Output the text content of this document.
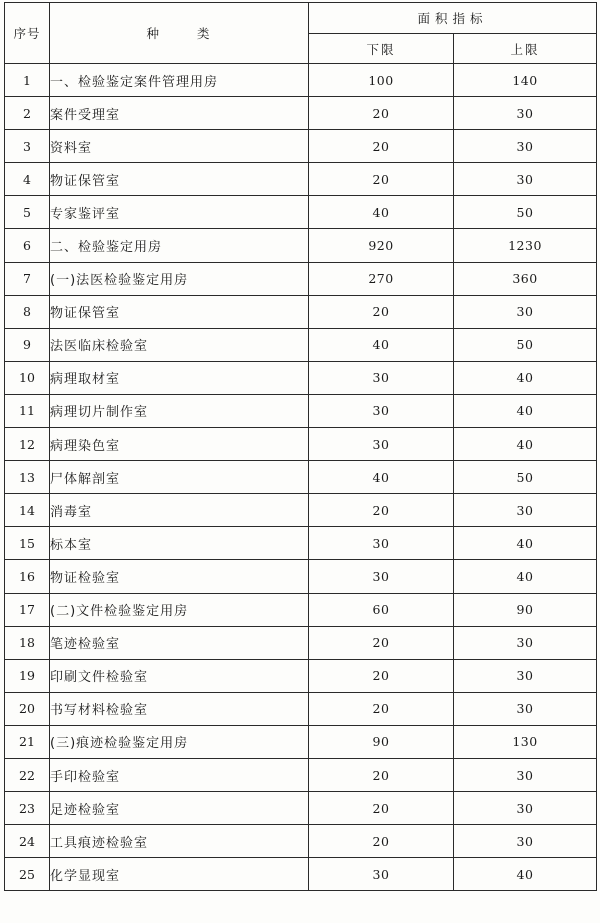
序号	种 类	面积指标	
		下限	上限
1	一、检验鉴定案件管理用房	100	140
2	案件受理室	20	30
3	资料室	20	30
4	物证保管室	20	30
5	专家鉴评室	40	50
6	二、检验鉴定用房	920	1230
7	(一)法医检验鉴定用房	270	360
8	物证保管室	20	30
9	法医临床检验室	40	50
10	病理取材室	30	40
11	病理切片制作室	30	40
12	病理染色室	30	40
13	尸体解剖室	40	50
14	消毒室	20	30
15	标本室	30	40
16	物证检验室	30	40
17	(二)文件检验鉴定用房	60	90
18	笔迹检验室	20	30
19	印刷文件检验室	20	30
20	书写材料检验室	20	30
21	(三)痕迹检验鉴定用房	90	130
22	手印检验室	20	30
23	足迹检验室	20	30
24	工具痕迹检验室	20	30
25	化学显现室	30	40
